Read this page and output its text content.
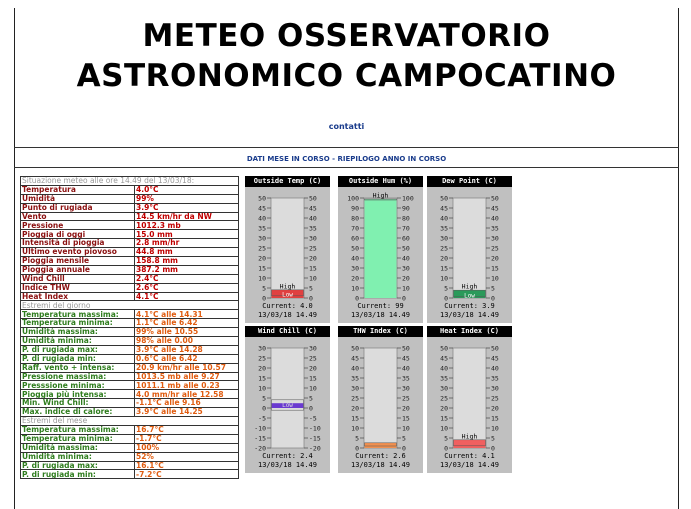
METEO OSSERVATORIO
ASTRONOMICO CAMPOCATINO
contatti
DATI MESE IN CORSO - RIEPILOGO ANNO IN CORSO
Situazione meteo alle ore 14.49 del 13/03/18:	
Temperatura	4.0°C
Umidità	99%
Punto di rugiada	3.9°C
Vento	14.5 km/hr da NW
Pressione	1012.3 mb
Pioggia di oggi	15.0 mm
Intensità di pioggia	2.8 mm/hr
Ultimo evento piovoso	44.8 mm
Pioggia mensile	158.8 mm
Pioggia annuale	387.2 mm
Wind Chill	2.4°C
Indice THW	2.6°C
Heat Index	4.1°C
Estremi del giorno	
Temperatura massima:	4.1°C alle 14.31
Temperatura minima:	1.1°C alle 6.42
Umidità massima:	99% alle 10.55
Umidità minima:	98% alle 0.00
P. di rugiada max:	3.9°C alle 14.28
P. di rugiada min:	0.6°C alle 6.42
Raff. vento + intensa:	20.9 km/hr alle 10.57
Pressione massima:	1013.5 mb alle 9.27
Presssione minima:	1011.1 mb alle 0.23
Pioggia più intensa:	4.0 mm/hr alle 12.58
Min. Wind Chill:	-1.1°C alle 9.16
Max. indice di calore:	3.9°C alle 14.25
Estremi del mese	
Temperatura massima:	16.7°C
Temperatura minima:	-1.7°C
Umidità massima:	100%
Umidità minima:	52%
P. di rugiada max:	16.1°C
P. di rugiada min:	-7.2°C
Outside Temp (C)
50	50
45	45
40	40
35	35
30	30
25	25
20	20
15	15
10	10
5	5
0	0
High
Low
Current: 4.0
13/03/18 14.49
Outside Hum (%)
100	100
90	90
80	80
70	70
60	60
50	50
40	40
30	30
20	20
10	10
0	0
High
Current: 99
13/03/18 14.49
Dew Point (C)
50	50
45	45
40	40
35	35
30	30
25	25
20	20
15	15
10	10
5	5
0	0
High
Low
Current: 3.9
13/03/18 14.49
Wind Chill (C)
30	30
25	25
20	20
15	15
10	10
5	5
0	0
-5	-5
-10	-10
-15	-15
-20	-20
Low
Current: 2.4
13/03/18 14.49
THW Index (C)
50	50
45	45
40	40
35	35
30	30
25	25
20	20
15	15
10	10
5	5
0	0
Current: 2.6
13/03/18 14.49
Heat Index (C)
50	50
45	45
40	40
35	35
30	30
25	25
20	20
15	15
10	10
5	5
0	0
High
Current: 4.1
13/03/18 14.49
